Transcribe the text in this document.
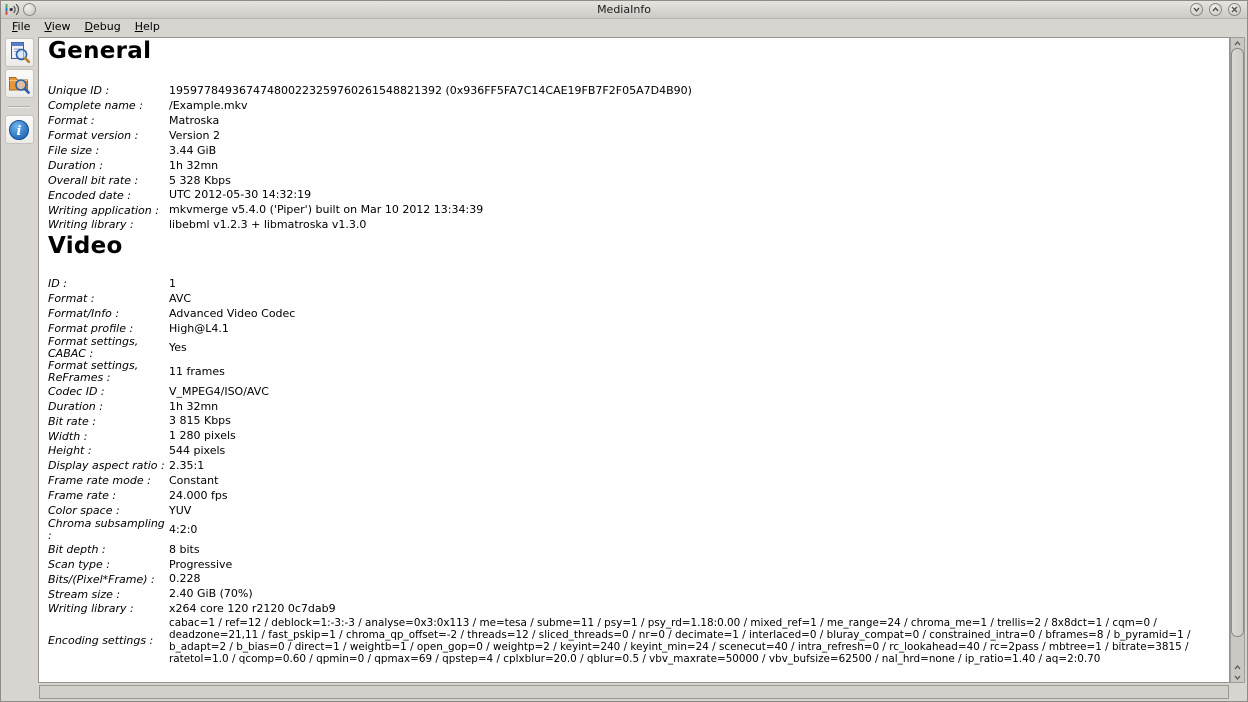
MediaInfo
File	View	Debug	Help
i
General
Unique ID :	195977849367474800223259760261548821392 (0x936FF5FA7C14CAE19FB7F2F05A7D4B90)
Complete name :	/Example.mkv
Format :	Matroska
Format version :	Version 2
File size :	3.44 GiB
Duration :	1h 32mn
Overall bit rate :	5 328 Kbps
Encoded date :	UTC 2012-05-30 14:32:19
Writing application : mkvmerge v5.4.0 ('Piper') built on Mar 10 2012 13:34:39
Writing library :	libebml v1.2.3 + libmatroska v1.3.0
Video
ID :	1
Format :	AVC
Format/Info :	Advanced Video Codec
Format profile :	High@L4.1
Format settings, CABAC :	Yes
Format settings, ReFrames :	11 frames
Codec ID :	V_MPEG4/ISO/AVC
Duration :	1h 32mn
Bit rate :	3 815 Kbps
Width :	1 280 pixels
Height :	544 pixels
Display aspect ratio : 2.35:1
Frame rate mode :	Constant
Frame rate :	24.000 fps
Color space :	YUV
Chroma subsampling :	4:2:0
Bit depth :	8 bits
Scan type :	Progressive
Bits/(Pixel*Frame) :	0.228
Stream size :	2.40 GiB (70%)
Writing library :	x264 core 120 r2120 0c7dab9
Encoding settings :
cabac=1 / ref=12 / deblock=1:-3:-3 / analyse=0x3:0x113 / me=tesa / subme=11 / psy=1 / psy_rd=1.18:0.00 / mixed_ref=1 / me_range=24 / chroma_me=1 / trellis=2 / 8x8dct=1 / cqm=0 / deadzone=21,11 / fast_pskip=1 / chroma_qp_offset=-2 / threads=12 / sliced_threads=0 / nr=0 / decimate=1 / interlaced=0 / bluray_compat=0 / constrained_intra=0 / bframes=8 / b_pyramid=1 / b_adapt=2 / b_bias=0 / direct=1 / weightb=1 / open_gop=0 / weightp=2 / keyint=240 / keyint_min=24 / scenecut=40 / intra_refresh=0 / rc_lookahead=40 / rc=2pass / mbtree=1 / bitrate=3815 / ratetol=1.0 / qcomp=0.60 / qpmin=0 / qpmax=69 / qpstep=4 / cplxblur=20.0 / qblur=0.5 / vbv_maxrate=50000 / vbv_bufsize=62500 / nal_hrd=none / ip_ratio=1.40 / aq=2:0.70
